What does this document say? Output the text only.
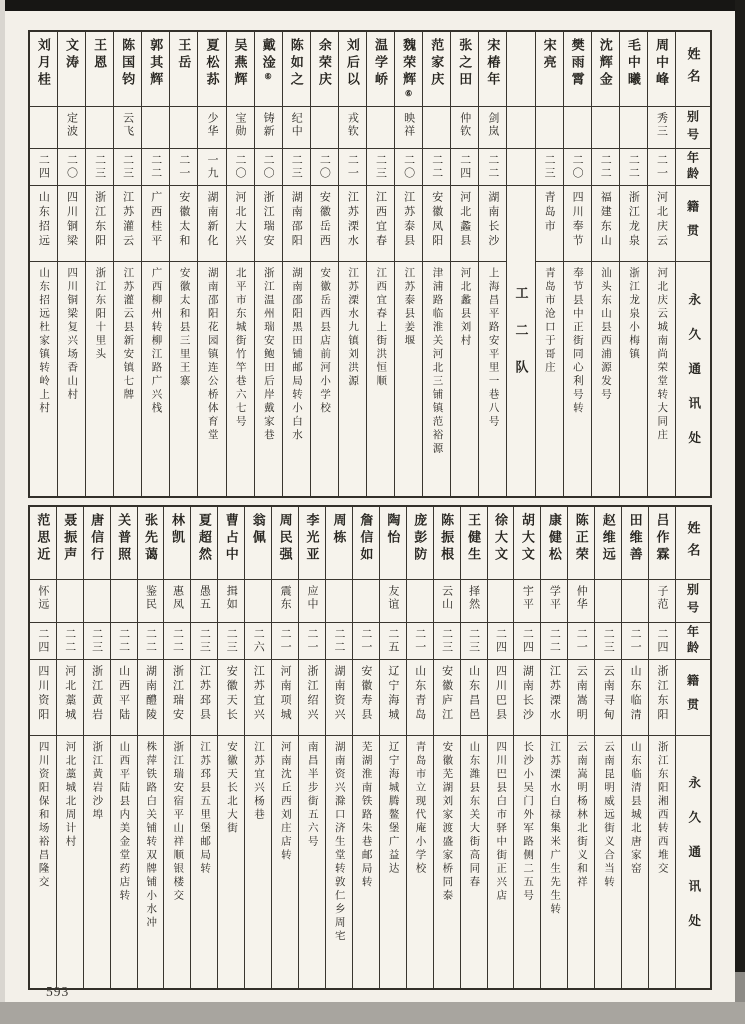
姓名
别号
年龄
籍贯
永久通讯处
周中峰
秀三
二一
河北庆云
河北庆云城南尚荣堂转大同庄
毛中曦
二二
浙江龙泉
浙江龙泉小梅镇
沈辉金
二二
福建东山
汕头东山县西浦源发号
樊雨霄
二〇
四川奉节
奉节县中正街同心利号转
宋亮
二三
青岛市
青岛市沧口于哥庄
工二队
宋椿年
剑岚
二二
湖南长沙
上海昌平路安平里一巷八号
张之田
仲钦
二四
河北蠡县
河北蠡县刘村
范家庆
二二
安徽凤阳
津浦路临淮关河北三铺镇范裕源
魏荣辉⑥
映祥
二〇
江苏泰县
江苏泰县姜堰
温学峤
二三
江西宜春
江西宜春上街洪恒顺
刘后以
戎钦
二一
江苏溧水
江苏溧水九镇刘洪源
余荣庆
二〇
安徽岳西
安徽岳西县店前河小学校
陈如之
纪中
二三
湖南邵阳
湖南邵阳黑田铺邮局转小白水
戴淦⑥
铸新
二〇
浙江瑞安
浙江温州瑞安鲍田后岸戴家巷
吴燕辉
宝勋
二〇
河北大兴
北平市东城街竹竿巷六七号
夏松荪
少华
一九
湖南新化
湖南邵阳花园镇连公桥体育堂
王岳
二一
安徽太和
安徽太和县三里王寨
郭其辉
二二
广西桂平
广西柳州转柳江路广兴栈
陈国钧
云飞
二三
江苏灌云
江苏灌云县新安镇七牌
王恩
二三
浙江东阳
浙江东阳十里头
文涛
定波
二〇
四川铜梁
四川铜梁复兴场香山村
刘月桂
二四
山东招远
山东招远杜家镇转岭上村
姓名
别号
年龄
籍贯
永久通讯处
吕作霖
子范
二四
浙江东阳
浙江东阳湘西转西堆交
田维善
二一
山东临清
山东临清县城北唐家窑
赵维远
二三
云南寻甸
云南昆明威远街义合当转
陈正荣
仲华
二一
云南嵩明
云南嵩明杨林北街义和祥
康健松
学平
二二
江苏溧水
江苏溧水白禄集米广生先生转
胡大文
宇平
二四
湖南长沙
长沙小吴门外军路侧二五号
徐大文
二四
四川巴县
四川巴县白市驿中街正兴店
王健生
择然
二三
山东昌邑
山东潍县东关大街高同春
陈振根
云山
二三
安徽庐江
安徽芜湖刘家渡盛家桥同泰
庞彭防
二一
山东青岛
青岛市立现代庵小学校
陶怡
友谊
二五
辽宁海城
辽宁海城腾鳌堡广益达
詹信如
二一
安徽寿县
芜湖淮南铁路朱巷邮局转
周栋
二二
湖南资兴
湖南资兴滁口济生堂转敦仁乡周宅
李光亚
应中
二一
浙江绍兴
南昌半步街五六号
周民强
震东
二一
河南项城
河南沈丘西刘庄店转
翁佩
二六
江苏宜兴
江苏宜兴杨巷
曹占中
揖如
二三
安徽天长
安徽天长北大街
夏超然
愚五
二三
江苏邳县
江苏邳县五里堡邮局转
林凯
惠凤
二二
浙江瑞安
浙江瑞安宿平山祥顺银楼交
张先蔼
鉴民
二二
湖南醴陵
株萍铁路白关铺转双牌铺小水冲
关普照
二二
山西平陆
山西平陆县内美金堂药店转
唐信行
二三
浙江黄岩
浙江黄岩沙埠
聂振声
二二
河北藁城
河北藁城北周计村
范思近
怀远
二四
四川资阳
四川资阳保和场裕昌隆交
593
